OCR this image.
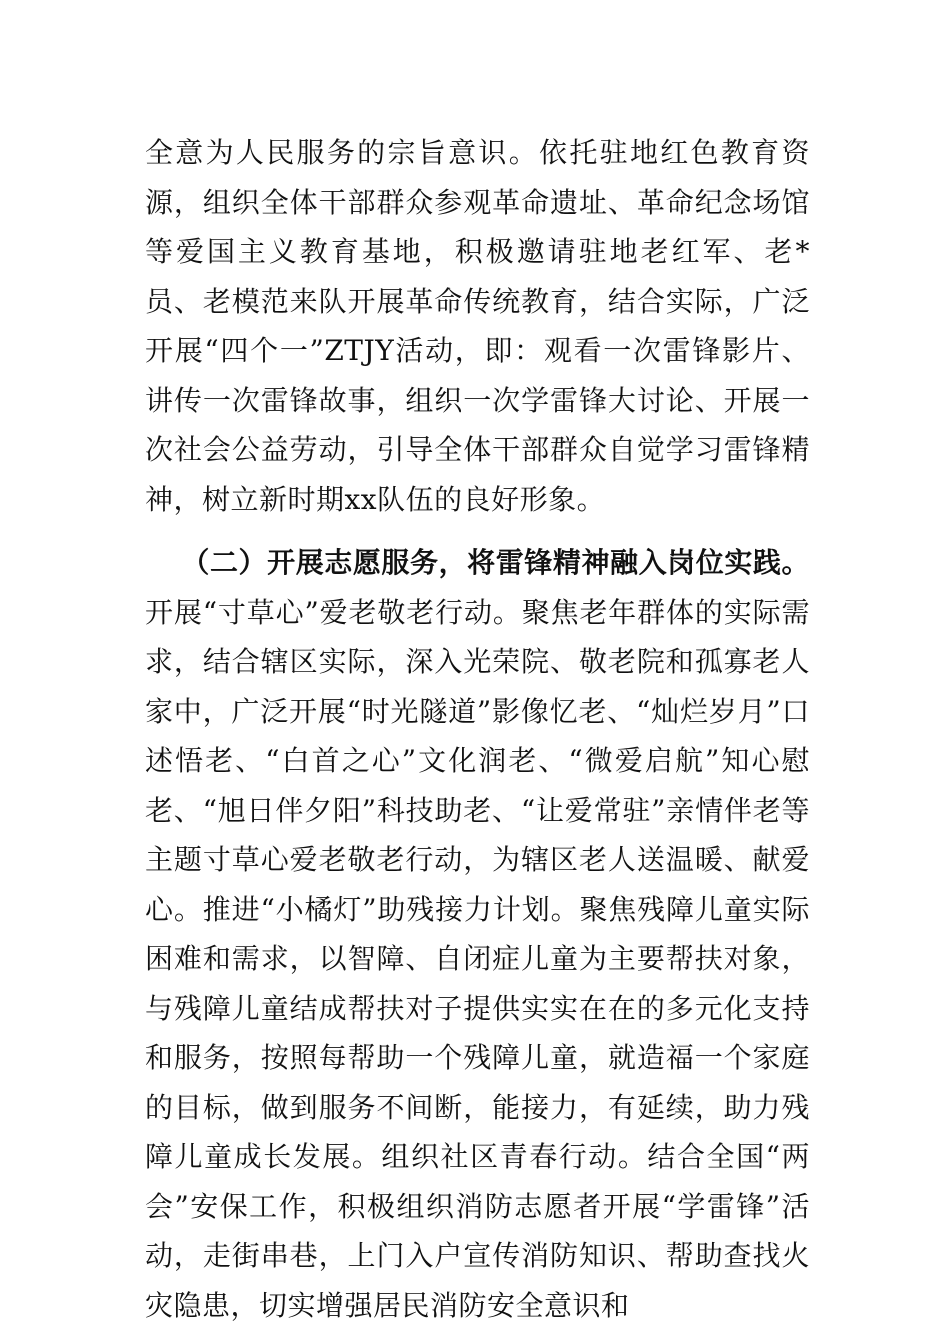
全意为人民服务的宗旨意识。依托驻地红色教育资源，组织全体干部群众参观革命遗址、革命纪念场馆等爱国主义教育基地，积极邀请驻地老红军、老*员、老模范来队开展革命传统教育，结合实际，广泛开展“四个一”ZTJY活动，即：观看一次雷锋影片、讲传一次雷锋故事，组织一次学雷锋大讨论、开展一次社会公益劳动，引导全体干部群众自觉学习雷锋精神，树立新时期xx队伍的良好形象。

（二）开展志愿服务，将雷锋精神融入岗位实践。开展“寸草心”爱老敬老行动。聚焦老年群体的实际需求，结合辖区实际，深入光荣院、敬老院和孤寡老人家中，广泛开展“时光隧道”影像忆老、“灿烂岁月”口述悟老、“白首之心”文化润老、“微爱启航”知心慰老、“旭日伴夕阳”科技助老、“让爱常驻”亲情伴老等主题寸草心爱老敬老行动，为辖区老人送温暖、献爱心。推进“小橘灯”助残接力计划。聚焦残障儿童实际困难和需求，以智障、自闭症儿童为主要帮扶对象，与残障儿童结成帮扶对子提供实实在在的多元化支持和服务，按照每帮助一个残障儿童，就造福一个家庭的目标，做到服务不间断，能接力，有延续，助力残障儿童成长发展。组织社区青春行动。结合全国“两会”安保工作，积极组织消防志愿者开展“学雷锋”活动，走街串巷，上门入户宣传消防知识、帮助查找火灾隐患，切实增强居民消防安全意识和
